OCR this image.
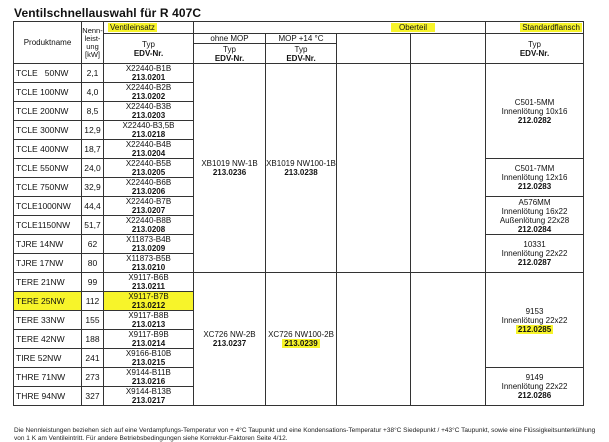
Ventilschnellauswahl für R 407C
Produktname	Nenn-
leist-
ung
[kW]	Ventileinsatz	Oberteil				Standardflansch

		Typ
EDV-Nr.	ohne MOP	MOP +14 °C			Typ
EDV-Nr.

			Typ
EDV-Nr.	Typ
EDV-Nr.			

TCLE   50NW	2,1	X22440-B1B
213.0201	XB1019 NW-1B
213.0236	XB1019 NW100-1B
213.0238			C501-5MM
Innenlötung 10x16
212.0282

TCLE 100NW	4,0	X22440-B2B
213.0202					

TCLE 200NW	8,5	X22440-B3B
213.0203					

TCLE 300NW	12,9	X22440-B3,5B
213.0218					

TCLE 400NW	18,7	X22440-B4B
213.0204					

TCLE 550NW	24,0	X22440-B5B
213.0205					C501-7MM
Innenlötung 12x16
212.0283

TCLE 750NW	32,9	X22440-B6B
213.0206					

TCLE1000NW	44,4	X22440-B7B
213.0207					A576MM
Innenlötung 16x22
Außenlötung 22x28
212.0284

TCLE1150NW	51,7	X22440-B8B
213.0208					

TJRE 14NW	62	X11873-B4B
213.0209					10331
Innenlötung 22x22
212.0287

TJRE 17NW	80	X11873-B5B
213.0210					

TERE 21NW	99	X9117-B6B
213.0211	XC726 NW-2B
213.0237	XC726 NW100-2B
213.0239			9153
Innenlötung 22x22
212.0285
TERE 25NW	112	X9117-B7B
213.0212					

TERE 33NW	155	X9117-B8B
213.0213					

TERE 42NW	188	X9117-B9B
213.0214					

TIRE 52NW	241	X9166-B10B
213.0215					

THRE 71NW	273	X9144-B11B
213.0216					9149
Innenlötung 22x22
212.0286

THRE 94NW	327	X9144-B13B
213.0217					
Die Nennleistungen beziehen sich auf eine Verdampfungs-Temperatur von + 4°C Taupunkt und eine Kondensations-Temperatur +38°C Siedepunkt / +43°C Taupunkt, sowie eine Flüssigkeitsunterkühlung von 1 K am Ventileintritt. Für andere Betriebsbedingungen siehe Korrektur-Faktoren Seite 4/12.
